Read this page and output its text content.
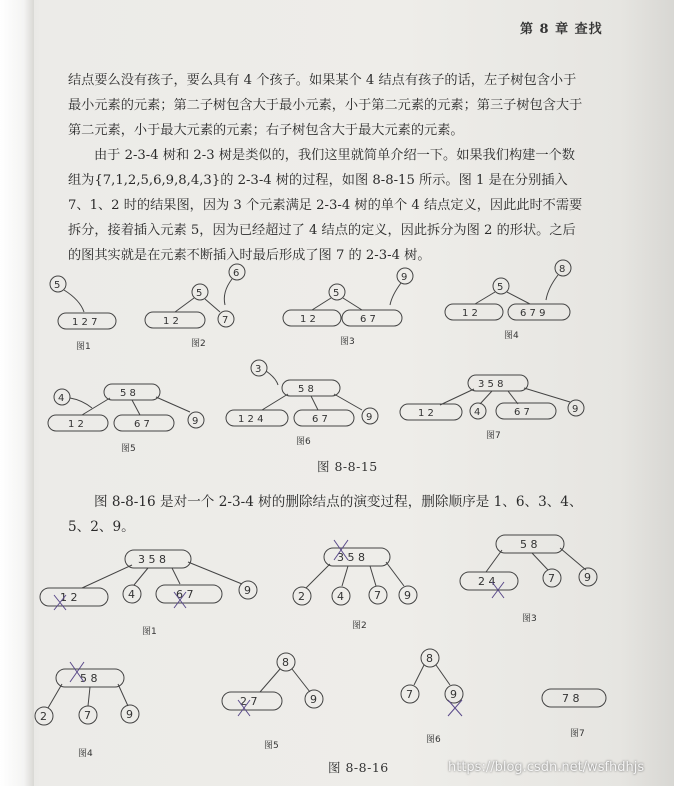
第 8 章 查找

结点要么没有孩子，要么具有 4 个孩子。如果某个 4 结点有孩子的话，左子树包含小于最小元素的元素；第二子树包含大于最小元素，小于第二元素的元素；第三子树包含大于第二元素，小于最大元素的元素；右子树包含大于最大元素的元素。

由于 2-3-4 树和 2-3 树是类似的，我们这里就简单介绍一下。如果我们构建一个数组为{7,1,2,5,6,9,8,4,3}的 2-3-4 树的过程，如图 8-8-15 所示。图 1 是在分别插入 7、1、2 时的结果图，因为 3 个元素满足 2-3-4 树的单个 4 结点定义，因此此时不需要拆分，接着插入元素 5，因为已经超过了 4 结点的定义，因此拆分为图 2 的形状。之后的图其实就是在元素不断插入时最后形成了图 7 的 2-3-4 树。

5
1 2 7
图1
6
5
1 2	7
图2
9
5
1 2	6 7
图3
8
5
1 2	6 7 9
图4
4	5 8
1 2	6 7	9
图5
3
5 8
1 2 4	6 7	9
图6
3 5 8
1 2	4	6 7	9
图7
图 8-8-15

图 8-8-16 是对一个 2-3-4 树的删除结点的演变过程，删除顺序是 1、6、3、4、5、2、9。

3 5 8
1 2	4	6 7	9
图1
3 5 8
2	4	7 9
图2
5 8
2 4	7	9
图3
5 8
2	7	9
图4
8
2 7	9
图5
8
7	9
图6
7 8
图7
图 8-8-16	https://blog.csdn.net/wsfhdhjs
